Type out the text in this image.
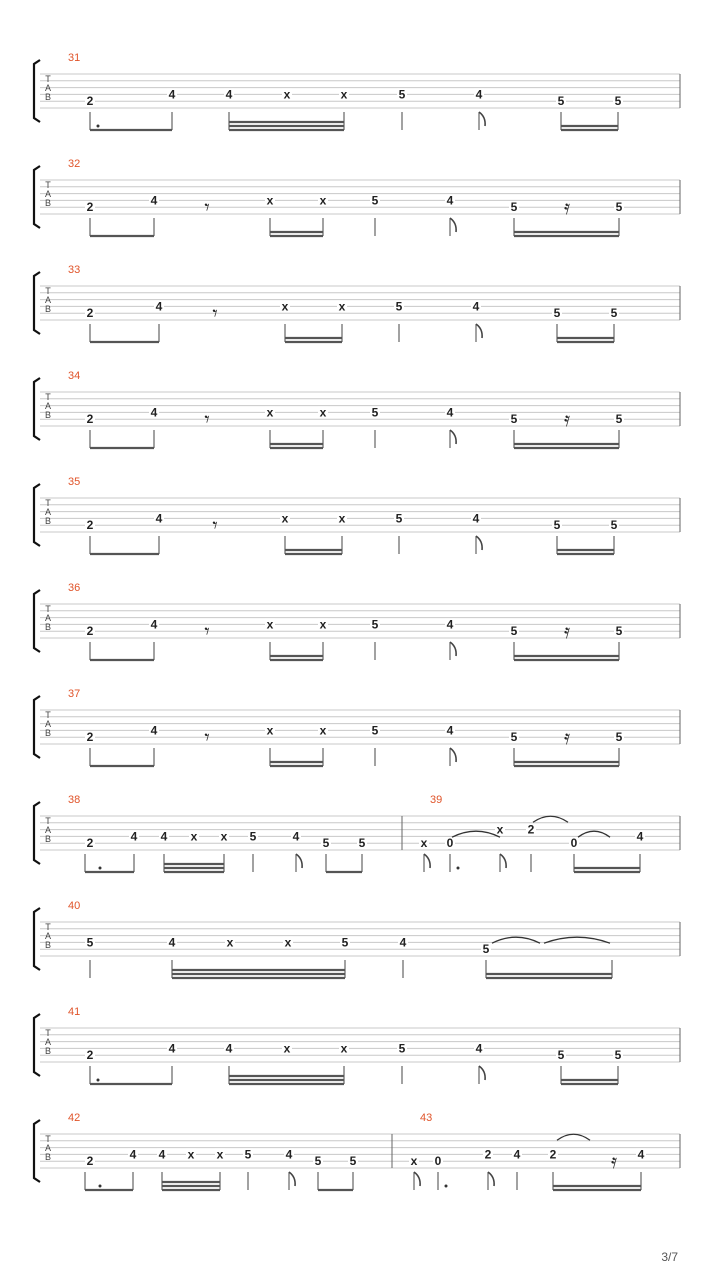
T
A
B
31
2	4	4	x	x	5	4	5	5
T
A
B
32
2	4	x	x	5	4	5	5
𝄾	𝄿
T
A
B
33
2	4	x	x	5	4	5	5
𝄾
T
A
B
34
2	4	x	x	5	4	5	5
𝄾	𝄿
T
A
B
35
2	4	x	x	5	4	5	5
𝄾
T
A
B
36
2	4	x	x	5	4	5	5
𝄾	𝄿
T
A
B
37
2	4	x	x	5	4	5	5
𝄾	𝄿
T
A
B
38
2	4 4 x x 5	4 5 5
39
x 0
x 2
0	4
T
A
B
40
5	4	x	x	5	4	5
T
A
B
41
2	4	4	x	x	5	4	5	5
T
A
B
42
2	4 4 x x 5	4 5 5
43
x 0	2 4 2	4
𝄿
3/7
